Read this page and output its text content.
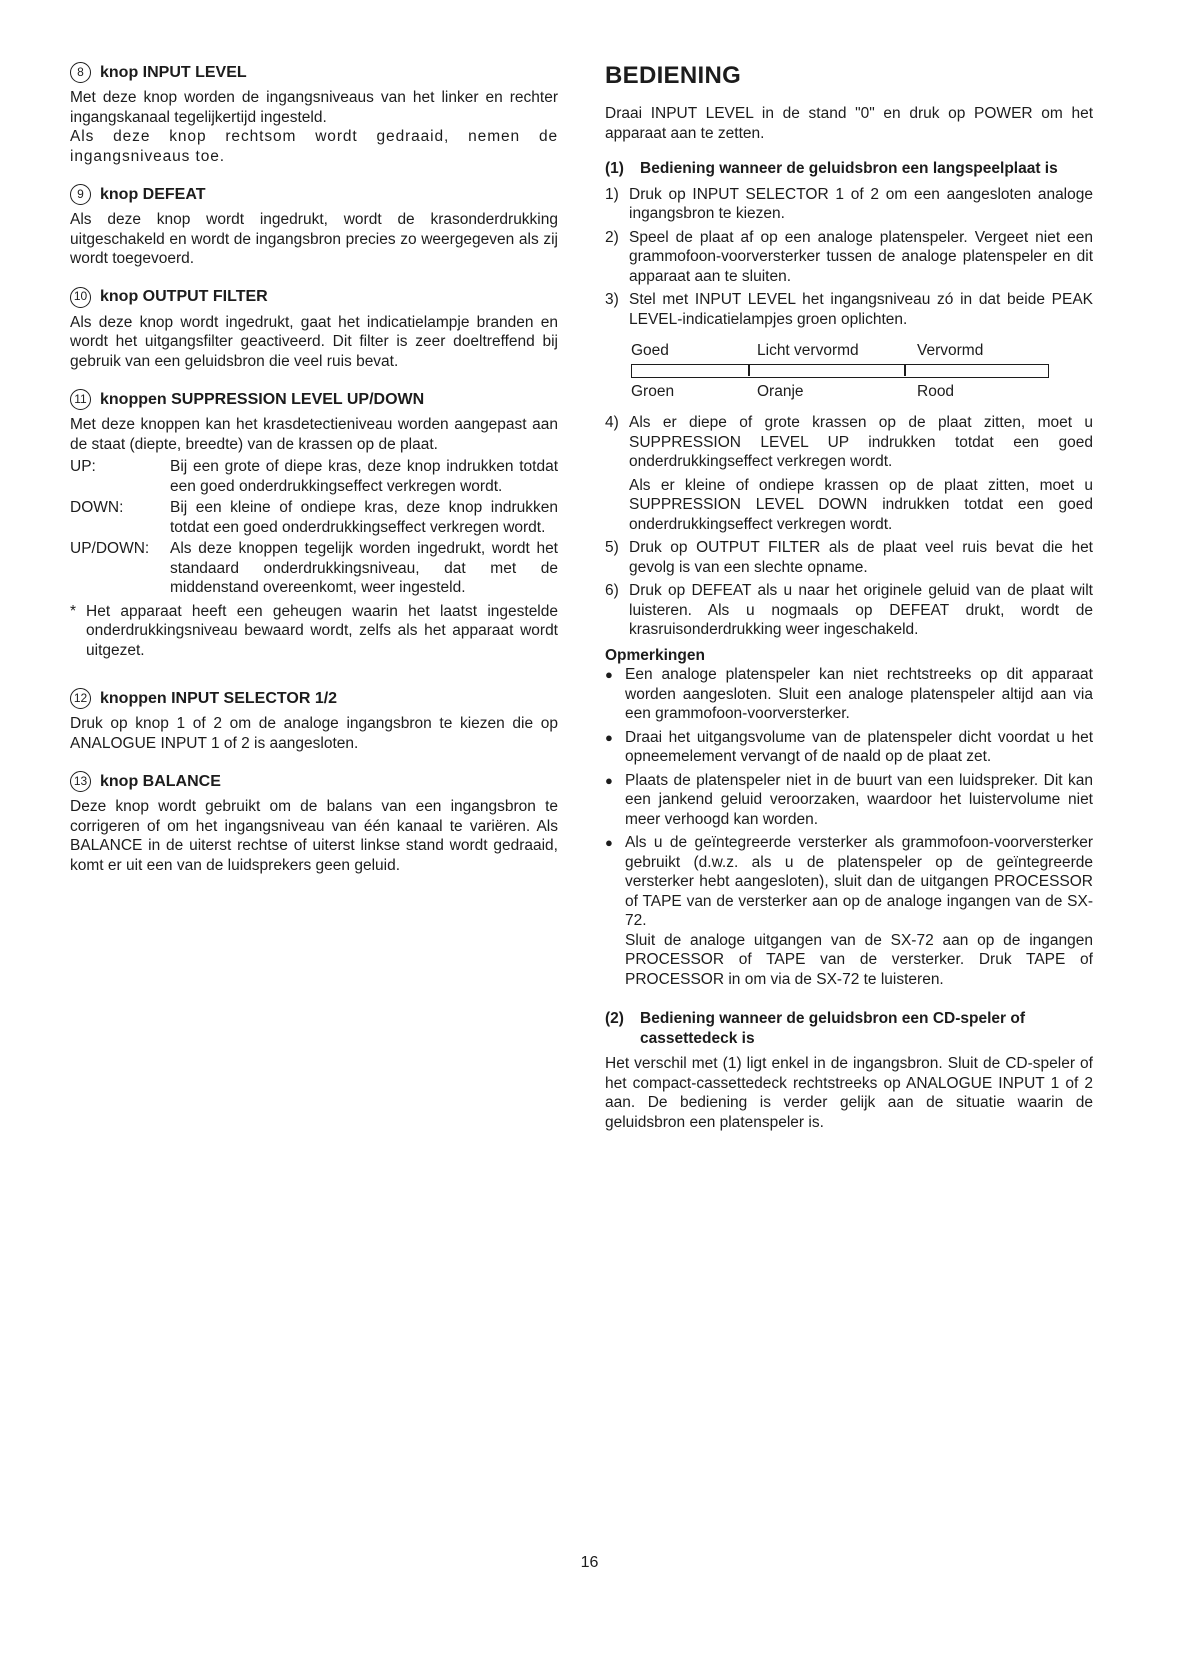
8	knop INPUT LEVEL

Met deze knop worden de ingangsniveaus van het linker en rechter ingangskanaal tegelijkertijd ingesteld.

Als deze knop rechtsom wordt gedraaid, nemen de ingangsniveaus toe.

9	knop DEFEAT

Als deze knop wordt ingedrukt, wordt de krasonderdrukking uitgeschakeld en wordt de ingangsbron precies zo weergegeven als zij wordt toegevoerd.

10 knop OUTPUT FILTER

Als deze knop wordt ingedrukt, gaat het indicatielampje branden en wordt het uitgangsfilter geactiveerd. Dit filter is zeer doeltreffend bij gebruik van een geluidsbron die veel ruis bevat.

11 knoppen SUPPRESSION LEVEL UP/DOWN

Met deze knoppen kan het krasdetectieniveau worden aangepast aan de staat (diepte, breedte) van de krassen op de plaat.

UP:	Bij een grote of diepe kras, deze knop indrukken totdat een goed onderdrukkingseffect verkregen wordt.
DOWN:	Bij een kleine of ondiepe kras, deze knop indrukken totdat een goed onderdrukkingseffect verkregen wordt.
UP/DOWN:	Als deze knoppen tegelijk worden ingedrukt, wordt het standaard onderdrukkingsniveau, dat met de middenstand overeenkomt, weer ingesteld.
* Het apparaat heeft een geheugen waarin het laatst ingestelde onderdrukkingsniveau bewaard wordt, zelfs als het apparaat wordt uitgezet.
12 knoppen INPUT SELECTOR 1/2

Druk op knop 1 of 2 om de analoge ingangsbron te kiezen die op ANALOGUE INPUT 1 of 2 is aangesloten.

13 knop BALANCE

Deze knop wordt gebruikt om de balans van een ingangsbron te corrigeren of om het ingangsniveau van één kanaal te variëren. Als BALANCE in de uiterst rechtse of uiterst linkse stand wordt gedraaid, komt er uit een van de luidsprekers geen geluid.

BEDIENING

Draai INPUT LEVEL in de stand "0" en druk op POWER om het apparaat aan te zetten.

(1)	Bediening wanneer de geluidsbron een langspeelplaat is
1) Druk op INPUT SELECTOR 1 of 2 om een aangesloten analoge ingangsbron te kiezen.
2) Speel de plaat af op een analoge platenspeler. Vergeet niet een grammofoon-voorversterker tussen de analoge platenspeler en dit apparaat aan te sluiten.
3) Stel met INPUT LEVEL het ingangsniveau zó in dat beide PEAK LEVEL-indicatielampjes groen oplichten.
Goed	Licht vervormd	Vervormd
Groen	Oranje	Rood
4) Als er diepe of grote krassen op de plaat zitten, moet u SUPPRESSION LEVEL UP indrukken totdat een goed onderdrukkingseffect verkregen wordt.

Als er kleine of ondiepe krassen op de plaat zitten, moet u SUPPRESSION LEVEL DOWN indrukken totdat een goed onderdrukkingseffect verkregen wordt.

5) Druk op OUTPUT FILTER als de plaat veel ruis bevat die het gevolg is van een slechte opname.
6) Druk op DEFEAT als u naar het originele geluid van de plaat wilt luisteren. Als u nogmaals op DEFEAT drukt, wordt de krasruisonderdrukking weer ingeschakeld.

Opmerkingen

● Een analoge platenspeler kan niet rechtstreeks op dit apparaat worden aangesloten. Sluit een analoge platenspeler altijd aan via een grammofoon-voorversterker.
● Draai het uitgangsvolume van de platenspeler dicht voordat u het opneemelement vervangt of de naald op de plaat zet.
● Plaats de platenspeler niet in de buurt van een luidspreker. Dit kan een jankend geluid veroorzaken, waardoor het luistervolume niet meer verhoogd kan worden.
● Als u de geïntegreerde versterker als grammofoon-voorversterker gebruikt (d.w.z. als u de platenspeler op de geïntegreerde versterker hebt aangesloten), sluit dan de uitgangen PROCESSOR of TAPE van de versterker aan op de analoge ingangen van de SX-72.
Sluit de analoge uitgangen van de SX-72 aan op de ingangen PROCESSOR of TAPE van de versterker. Druk TAPE of PROCESSOR in om via de SX-72 te luisteren.
(2)	Bediening wanneer de geluidsbron een CD-speler of cassettedeck is

Het verschil met (1) ligt enkel in de ingangsbron. Sluit de CD-speler of het compact-cassettedeck rechtstreeks op ANALOGUE INPUT 1 of 2 aan. De bediening is verder gelijk aan de situatie waarin de geluidsbron een platenspeler is.

16
